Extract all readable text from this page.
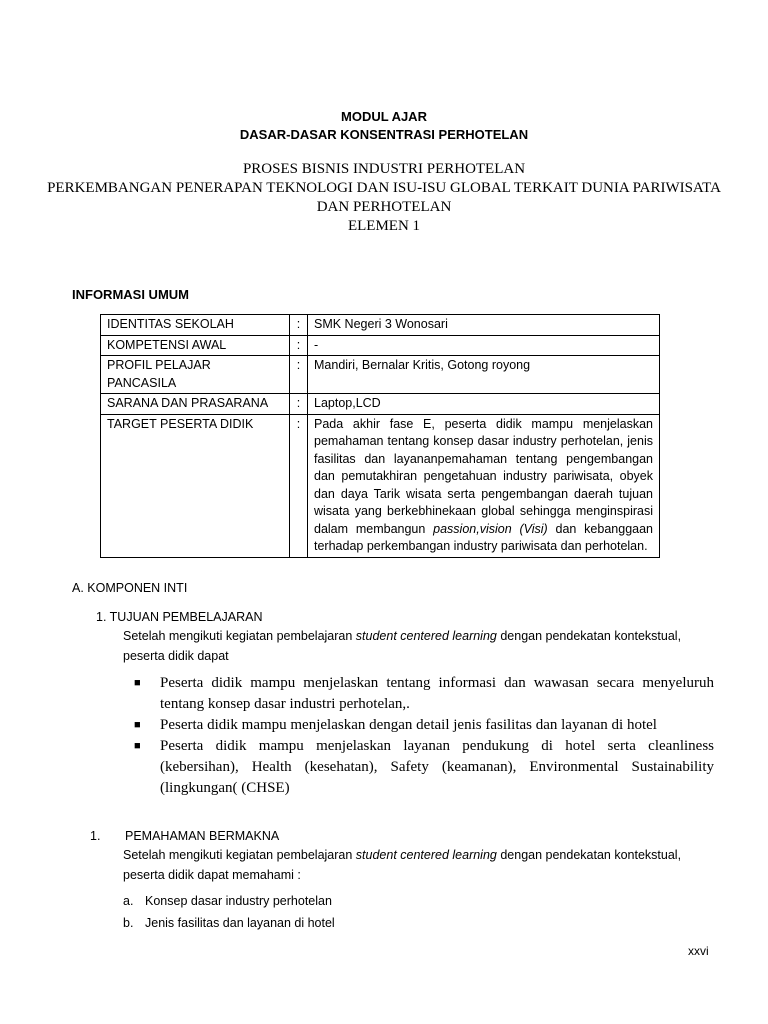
MODUL AJAR
DASAR-DASAR KONSENTRASI PERHOTELAN
PROSES BISNIS INDUSTRI PERHOTELAN
PERKEMBANGAN PENERAPAN TEKNOLOGI DAN ISU-ISU GLOBAL TERKAIT DUNIA PARIWISATA
DAN PERHOTELAN
ELEMEN 1
INFORMASI UMUM
IDENTITAS SEKOLAH	:	SMK Negeri 3 Wonosari
KOMPETENSI AWAL	:	-
PROFIL PELAJAR PANCASILA	:	Mandiri, Bernalar Kritis, Gotong royong
SARANA DAN PRASARANA	:	Laptop,LCD
TARGET PESERTA DIDIK	:	Pada akhir fase E, peserta didik mampu menjelaskan pemahaman tentang konsep dasar industry perhotelan, jenis fasilitas dan layananpemahaman tentang pengembangan dan pemutakhiran pengetahuan industry pariwisata, obyek dan daya Tarik wisata serta pengembangan daerah tujuan wisata yang berkebhinekaan global sehingga menginspirasi dalam membangun passion,vision (Visi) dan kebanggaan terhadap perkembangan industry pariwisata dan perhotelan.
A. KOMPONEN INTI
1. TUJUAN PEMBELAJARAN
Setelah mengikuti kegiatan pembelajaran student centered learning dengan pendekatan kontekstual,
peserta didik dapat
■ Peserta didik mampu menjelaskan tentang informasi dan wawasan secara menyeluruh tentang konsep dasar industri perhotelan,.
■ Peserta didik mampu menjelaskan dengan detail jenis fasilitas dan layanan di hotel
■ Peserta didik mampu menjelaskan layanan pendukung di hotel serta cleanliness (kebersihan), Health (kesehatan), Safety (keamanan), Environmental Sustainability (lingkungan( (CHSE)
1. PEMAHAMAN BERMAKNA
Setelah mengikuti kegiatan pembelajaran student centered learning dengan pendekatan kontekstual,
peserta didik dapat memahami :
a. Konsep dasar industry perhotelan
b. Jenis fasilitas dan layanan di hotel
xxvi
